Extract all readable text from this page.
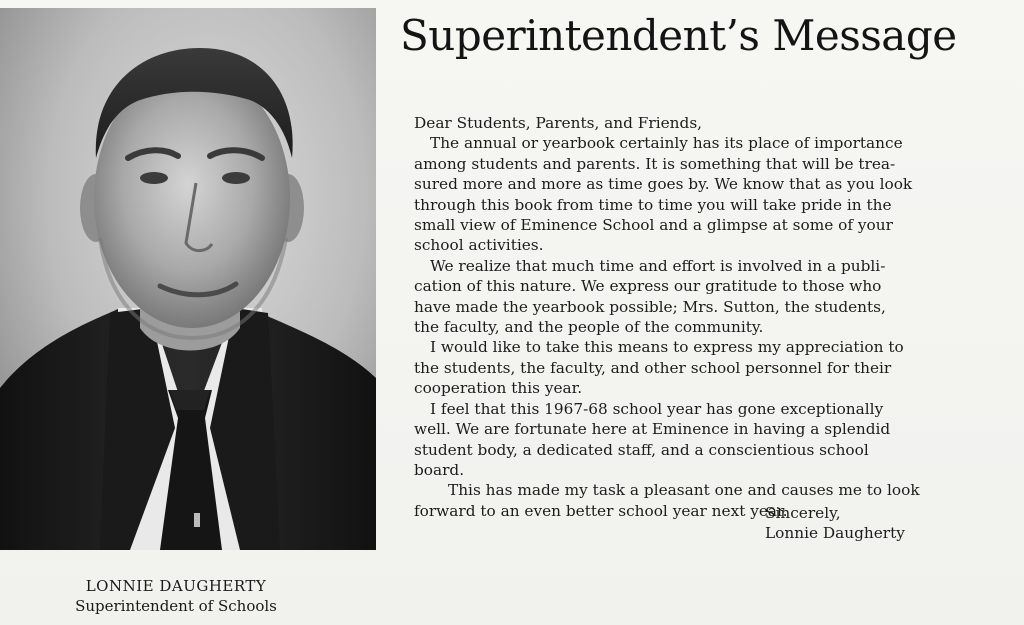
LONNIE DAUGHERTY
Superintendent of Schools
Superintendent’s Message
Dear Students, Parents, and Friends,
The annual or yearbook certainly has its place of importance
among students and parents. It is something that will be trea-
sured more and more as time goes by. We know that as you look
through this book from time to time you will take pride in the
small view of Eminence School and a glimpse at some of your
school activities.
We realize that much time and effort is involved in a publi-
cation of this nature. We express our gratitude to those who
have made the yearbook possible; Mrs. Sutton, the students,
the faculty, and the people of the community.
I would like to take this means to express my appreciation to
the students, the faculty, and other school personnel for their
cooperation this year.
I feel that this 1967-68 school year has gone exceptionally
well. We are fortunate here at Eminence in having a splendid
student body, a dedicated staff, and a conscientious school
board.
This has made my task a pleasant one and causes me to look
forward to an even better school year next year.
Sincerely,
Lonnie Daugherty
